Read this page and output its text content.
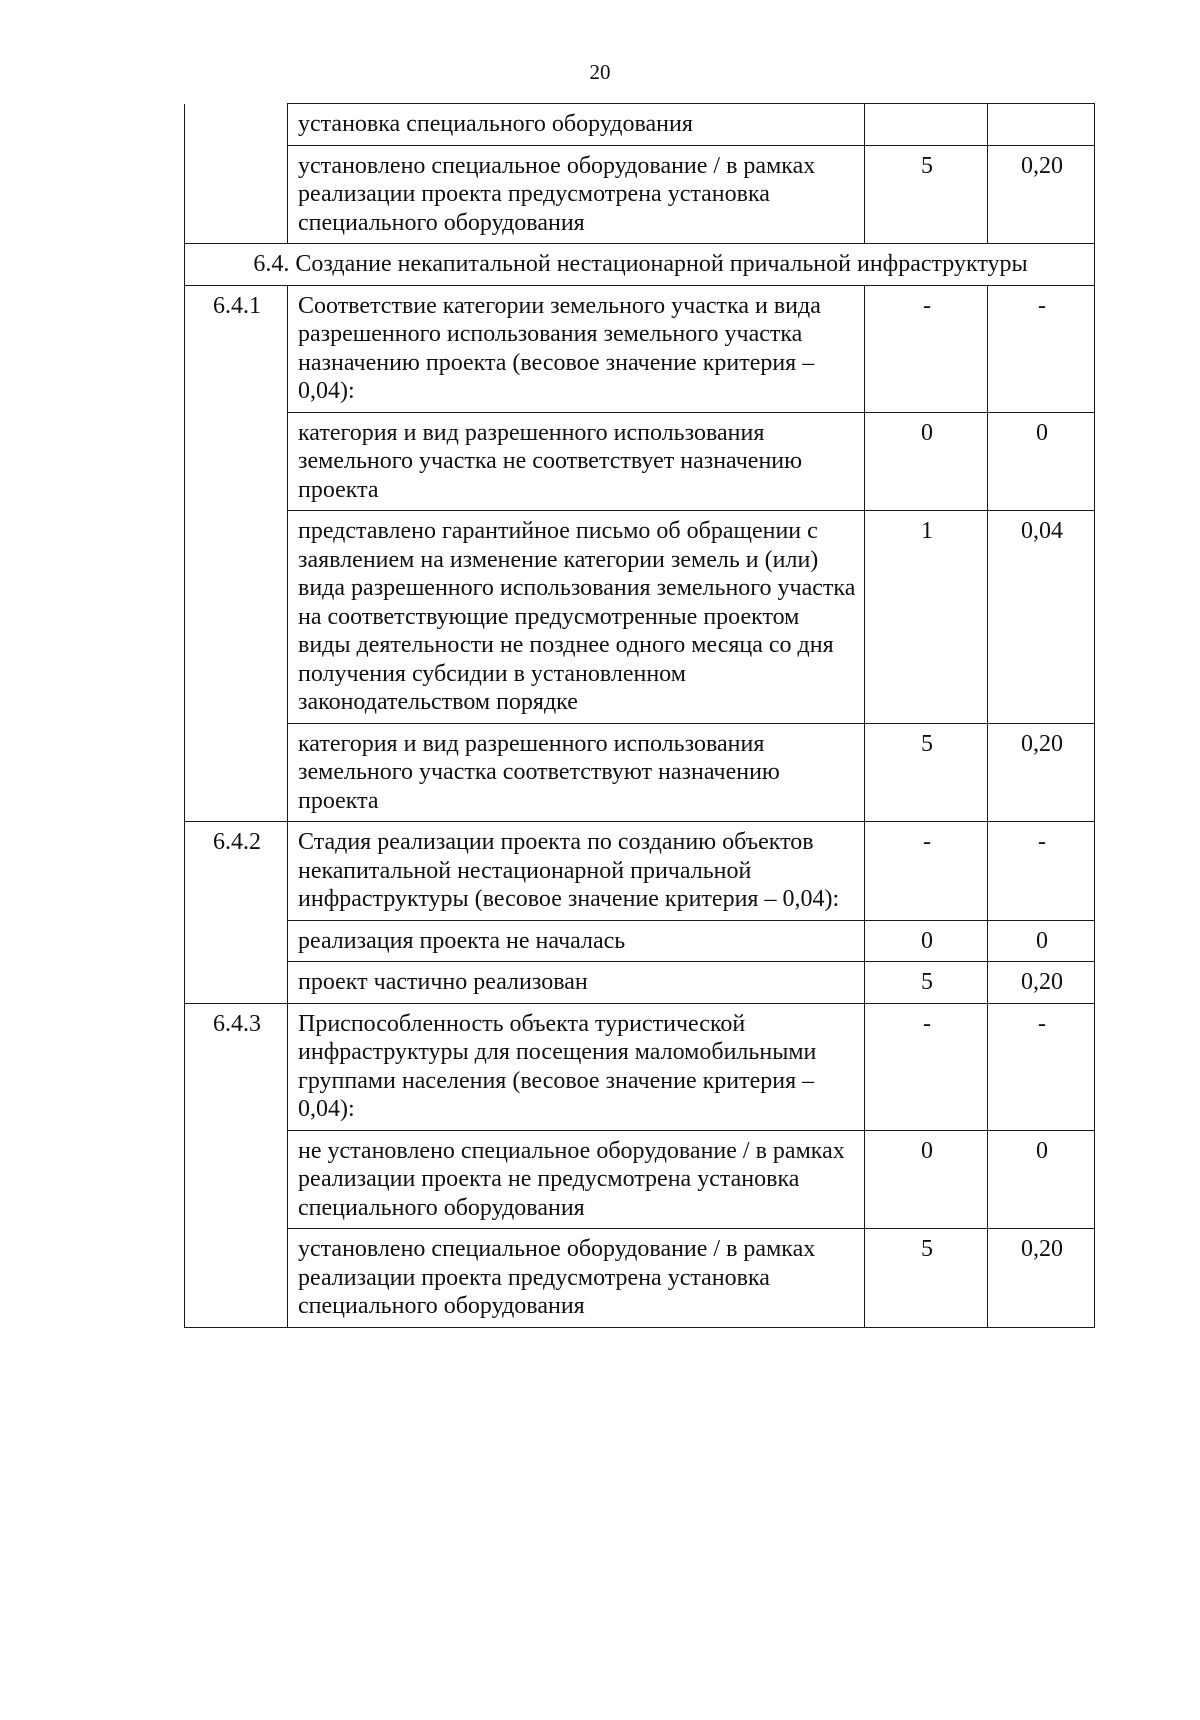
20
	установка специального оборудования		
	установлено специальное оборудование / в рамках реализации проекта предусмотрена установка специального оборудования	5	0,20
6.4. Создание некапитальной нестационарной причальной инфраструктуры			
6.4.1	Соответствие категории земельного участка и вида разрешенного использования земельного участка назначению проекта (весовое значение критерия – 0,04):	-	-
	категория и вид разрешенного использования земельного участка не соответствует назначению проекта	0	0
	представлено гарантийное письмо об обращении с заявлением на изменение категории земель и (или) вида разрешенного использования земельного участка на соответствующие предусмотренные проектом виды деятельности не позднее одного месяца со дня получения субсидии в установленном законодательством порядке	1	0,04
	категория и вид разрешенного использования земельного участка соответствуют назначению проекта	5	0,20
6.4.2	Стадия реализации проекта по созданию объектов некапитальной нестационарной причальной инфраструктуры (весовое значение критерия – 0,04):	-	-
	реализация проекта не началась	0	0
	проект частично реализован	5	0,20
6.4.3	Приспособленность объекта туристической инфраструктуры для посещения маломобильными группами населения (весовое значение критерия – 0,04):	-	-
	не установлено специальное оборудование / в рамках реализации проекта не предусмотрена установка специального оборудования	0	0
	установлено специальное оборудование / в рамках реализации проекта предусмотрена установка специального оборудования	5	0,20
